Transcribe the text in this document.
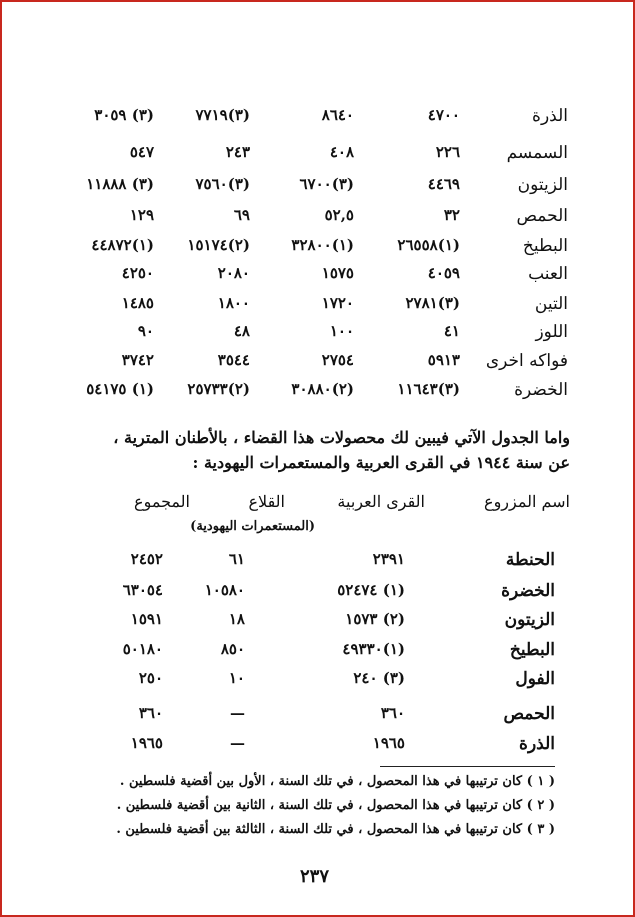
الذرة
٤٧٠٠
٨٦٤٠
(٣)٧٧١٩
(٣) ٣٠٥٩
السمسم
٢٢٦
٤٠٨
٢٤٣
٥٤٧
الزيتون
٤٤٦٩
(٣)٦٧٠٠
(٣)٧٥٦٠
(٣) ١١٨٨٨
الحمص
٣٢
٥٢,٥
٦٩
١٢٩
البطيخ
(١)٢٦٥٥٨
(١)٣٢٨٠٠
(٢)١٥١٧٤
(١)٤٤٨٧٢
العنب
٤٠٥٩
١٥٧٥
٢٠٨٠
٤٢٥٠
التين
(٣)٢٧٨١
١٧٢٠
١٨٠٠
١٤٨٥
اللوز
٤١
١٠٠
٤٨
٩٠
فواكه اخرى
٥٩١٣
٢٧٥٤
٣٥٤٤
٣٧٤٢
الخضرة
(٣)١١٦٤٣
(٢)٣٠٨٨٠
(٢)٢٥٧٣٣
(١) ٥٤١٧٥
واما الجدول الآتي فيبين لك محصولات هذا القضاء ، بالأطنان المترية ،
عن سنة ١٩٤٤ في القرى العربية والمستعمرات اليهودية :
اسم المزروع
القرى العربية
القلاع
المجموع
(المستعمرات اليهودية)
الحنطة
٢٣٩١
٦١
٢٤٥٢
الخضرة
(١) ٥٢٤٧٤
١٠٥٨٠
٦٣٠٥٤
الزيتون
(٢) ١٥٧٣
١٨
١٥٩١
البطيخ
(١)٤٩٣٣٠
٨٥٠
٥٠١٨٠
الفول
(٣) ٢٤٠
١٠
٢٥٠
الحمص
٣٦٠
—
٣٦٠
الذرة
١٩٦٥
—
١٩٦٥
( ١ ) كان ترتيبها في هذا المحصول ، في تلك السنة ، الأول بين أقضية فلسطين .
( ٢ ) كان ترتيبها في هذا المحصول ، في تلك السنة ، الثانية بين أقضية فلسطين .
( ٣ ) كان ترتيبها في هذا المحصول ، في تلك السنة ، الثالثة بين أقضية فلسطين .
٢٣٧
